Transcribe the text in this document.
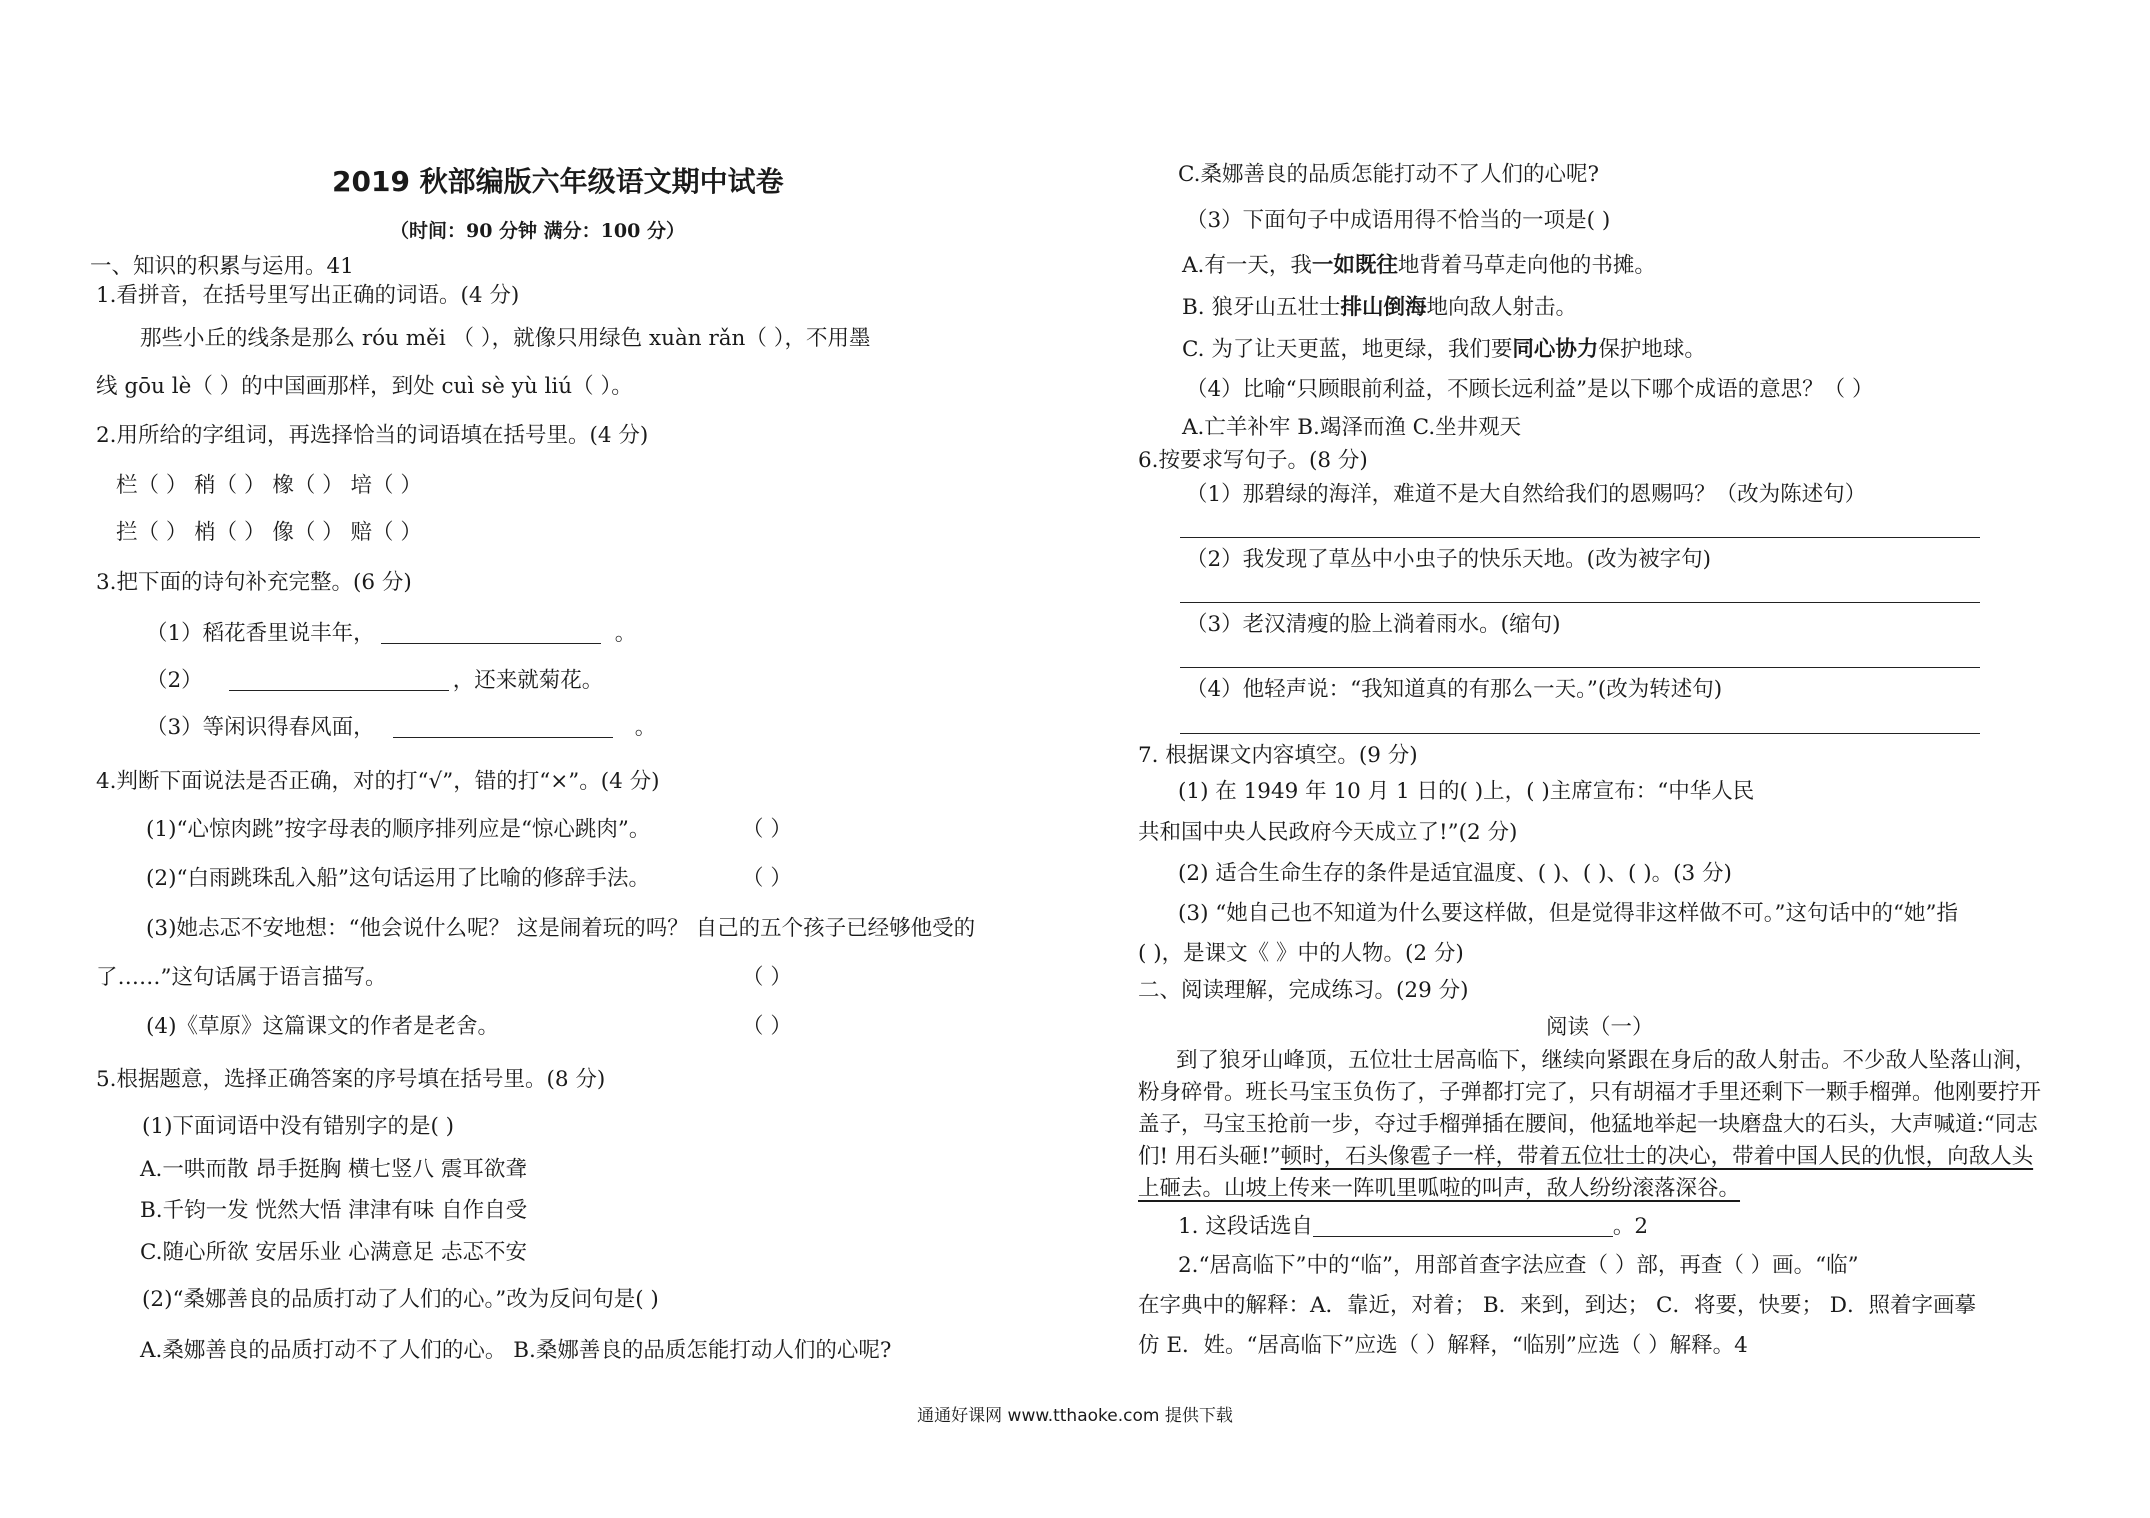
2019 秋部编版六年级语文期中试卷
（时间：90 分钟 满分：100 分）
一、知识的积累与运用。41
1.看拼音，在括号里写出正确的词语。(4 分)
那些小丘的线条是那么 róu měi （ ），就像只用绿色 xuàn rǎn（ ），不用墨
线 gōu lè（ ）的中国画那样，到处 cuì sè yù liú（ ）。
2.用所给的字组词，再选择恰当的词语填在括号里。(4 分)
栏（ ） 稍（ ） 橡（ ） 培（ ）
拦（ ） 梢（ ） 像（ ） 赔（ ）
3.把下面的诗句补充完整。(6 分)
（1）稻花香里说丰年，	。
（2）	，还来就菊花。
（3）等闲识得春风面，	。
4.判断下面说法是否正确，对的打“√”，错的打“×”。(4 分)
(1)“心惊肉跳”按字母表的顺序排列应是“惊心跳肉”。	（ ）
(2)“白雨跳珠乱入船”这句话运用了比喻的修辞手法。	（ ）
(3)她忐忑不安地想：“他会说什么呢？ 这是闹着玩的吗？ 自己的五个孩子已经够他受的
了……”这句话属于语言描写。	（ ）
(4)《草原》这篇课文的作者是老舍。	（ ）
5.根据题意，选择正确答案的序号填在括号里。(8 分)
(1)下面词语中没有错别字的是( )
A.一哄而散 昂手挺胸 横七竖八 震耳欲聋
B.千钧一发 恍然大悟 津津有味 自作自受
C.随心所欲 安居乐业 心满意足 忐忑不安
(2)“桑娜善良的品质打动了人们的心。”改为反问句是( )
A.桑娜善良的品质打动不了人们的心。 B.桑娜善良的品质怎能打动人们的心呢?
C.桑娜善良的品质怎能打动不了人们的心呢?
（3）下面句子中成语用得不恰当的一项是( )
A.有一天，我一如既往地背着马草走向他的书摊。
B. 狼牙山五壮士排山倒海地向敌人射击。
C. 为了让天更蓝，地更绿，我们要同心协力保护地球。
（4）比喻“只顾眼前利益，不顾长远利益”是以下哪个成语的意思？（ ）
A.亡羊补牢 B.竭泽而渔 C.坐井观天
6.按要求写句子。(8 分)
（1）那碧绿的海洋，难道不是大自然给我们的恩赐吗？（改为陈述句）
（2）我发现了草丛中小虫子的快乐天地。(改为被字句)
（3）老汉清瘦的脸上淌着雨水。(缩句)
（4）他轻声说：“我知道真的有那么一天。”(改为转述句)
7. 根据课文内容填空。(9 分)
(1) 在 1949 年 10 月 1 日的( )上，( )主席宣布：“中华人民
共和国中央人民政府今天成立了!”(2 分)
(2) 适合生命生存的条件是适宜温度、( )、( )、( )。(3 分)
(3) “她自己也不知道为什么要这样做，但是觉得非这样做不可。”这句话中的“她”指
( )，是课文《 》中的人物。(2 分)
二、阅读理解，完成练习。(29 分)
阅读（一）
到了狼牙山峰顶，五位壮士居高临下，继续向紧跟在身后的敌人射击。不少敌人坠落山涧，
粉身碎骨。班长马宝玉负伤了，子弹都打完了，只有胡福才手里还剩下一颗手榴弹。他刚要拧开
盖子，马宝玉抢前一步，夺过手榴弹插在腰间，他猛地举起一块磨盘大的石头，大声喊道:“同志
们! 用石头砸!”顿时，石头像雹子一样，带着五位壮士的决心，带着中国人民的仇恨，向敌人头
上砸去。山坡上传来一阵叽里呱啦的叫声，敌人纷纷滚落深谷。
1. 这段话选自	。2
2.“居高临下”中的“临”，用部首查字法应查（ ）部，再查（ ）画。“临”
在字典中的解释：A．靠近，对着； B．来到，到达； C．将要，快要； D．照着字画摹
仿 E．姓。“居高临下”应选（ ）解释，“临别”应选（ ）解释。4
通通好课网 www.tthaoke.com 提供下载
